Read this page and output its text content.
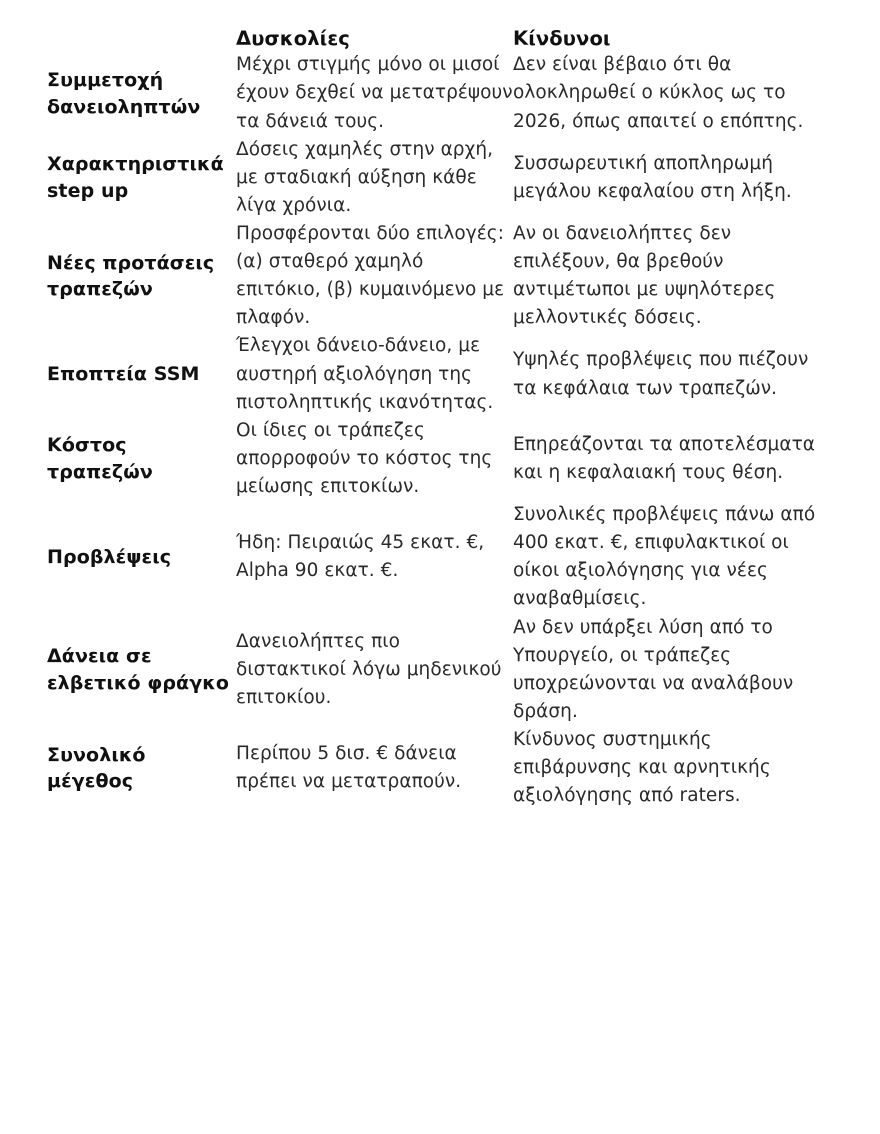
	Δυσκολίες	Κίνδυνοι
Συμμετοχή δανειοληπτών	Μέχρι στιγμής μόνο οι μισοί έχουν δεχθεί να μετατρέψουν τα δάνειά τους.	Δεν είναι βέβαιο ότι θα ολοκληρωθεί ο κύκλος ως το 2026, όπως απαιτεί ο επόπτης.
Χαρακτηριστικά step up	Δόσεις χαμηλές στην αρχή, με σταδιακή αύξηση κάθε λίγα χρόνια.	Συσσωρευτική αποπληρωμή μεγάλου κεφαλαίου στη λήξη.
Νέες προτάσεις τραπεζών	Προσφέρονται δύο επιλογές: (α) σταθερό χαμηλό επιτόκιο, (β) κυμαινόμενο με πλαφόν.	Αν οι δανειολήπτες δεν επιλέξουν, θα βρεθούν αντιμέτωποι με υψηλότερες μελλοντικές δόσεις.
Εποπτεία SSM	Έλεγχοι δάνειο-δάνειο, με αυστηρή αξιολόγηση της πιστοληπτικής ικανότητας.	Υψηλές προβλέψεις που πιέζουν τα κεφάλαια των τραπεζών.
Κόστος τραπεζών	Οι ίδιες οι τράπεζες απορροφούν το κόστος της μείωσης επιτοκίων.	Επηρεάζονται τα αποτελέσματα και η κεφαλαιακή τους θέση.
Προβλέψεις	Ήδη: Πειραιώς 45 εκατ. €, Alpha 90 εκατ. €.	Συνολικές προβλέψεις πάνω από 400 εκατ. €, επιφυλακτικοί οι οίκοι αξιολόγησης για νέες αναβαθμίσεις.
Δάνεια σε ελβετικό φράγκο	Δανειολήπτες πιο διστακτικοί λόγω μηδενικού επιτοκίου.	Αν δεν υπάρξει λύση από το Υπουργείο, οι τράπεζες υποχρεώνονται να αναλάβουν δράση.
Συνολικό μέγεθος	Περίπου 5 δισ. € δάνεια πρέπει να μετατραπούν.	Κίνδυνος συστημικής επιβάρυνσης και αρνητικής αξιολόγησης από raters.
